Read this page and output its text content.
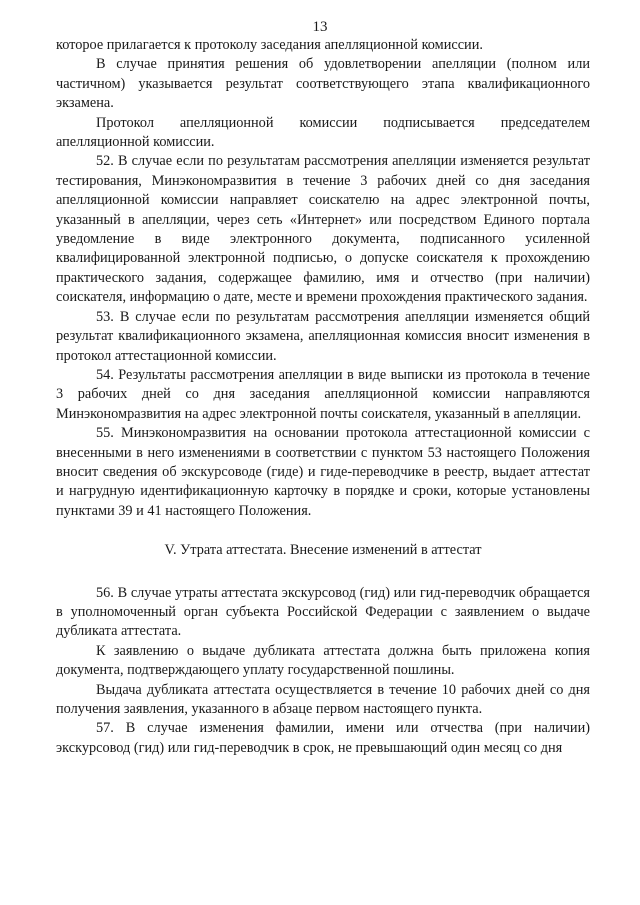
13

которое прилагается к протоколу заседания апелляционной комиссии.

В случае принятия решения об удовлетворении апелляции (полном или частичном) указывается результат соответствующего этапа квалификационного экзамена.

Протокол апелляционной комиссии подписывается председателем апелляционной комиссии.

52. В случае если по результатам рассмотрения апелляции изменяется результат тестирования, Минэкономразвития в течение 3 рабочих дней со дня заседания апелляционной комиссии направляет соискателю на адрес электронной почты, указанный в апелляции, через сеть «Интернет» или посредством Единого портала уведомление в виде электронного документа, подписанного усиленной квалифицированной электронной подписью, о допуске соискателя к прохождению практического задания, содержащее фамилию, имя и отчество (при наличии) соискателя, информацию о дате, месте и времени прохождения практического задания.

53. В случае если по результатам рассмотрения апелляции изменяется общий результат квалификационного экзамена, апелляционная комиссия вносит изменения в протокол аттестационной комиссии.

54. Результаты рассмотрения апелляции в виде выписки из протокола в течение 3 рабочих дней со дня заседания апелляционной комиссии направляются Минэкономразвития на адрес электронной почты соискателя, указанный в апелляции.

55. Минэкономразвития на основании протокола аттестационной комиссии с внесенными в него изменениями в соответствии с пунктом 53 настоящего Положения вносит сведения об экскурсоводе (гиде) и гиде-переводчике в реестр, выдает аттестат и нагрудную идентификационную карточку в порядке и сроки, которые установлены пунктами 39 и 41 настоящего Положения.

V. Утрата аттестата. Внесение изменений в аттестат

56. В случае утраты аттестата экскурсовод (гид) или гид-переводчик обращается в уполномоченный орган субъекта Российской Федерации с заявлением о выдаче дубликата аттестата.

К заявлению о выдаче дубликата аттестата должна быть приложена копия документа, подтверждающего уплату государственной пошлины.

Выдача дубликата аттестата осуществляется в течение 10 рабочих дней со дня получения заявления, указанного в абзаце первом настоящего пункта.

57. В случае изменения фамилии, имени или отчества (при наличии) экскурсовод (гид) или гид-переводчик в срок, не превышающий один месяц со дня
